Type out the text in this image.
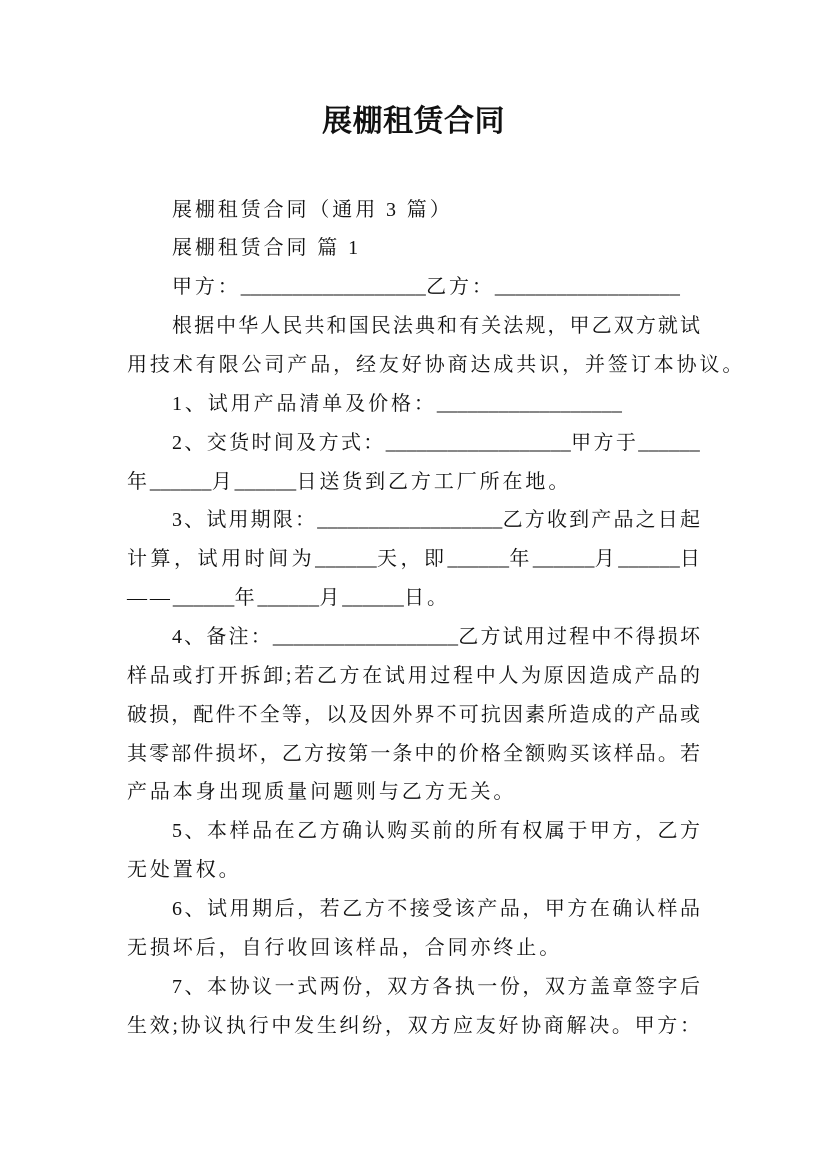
展棚租赁合同
展棚租赁合同（通用 3 篇）
展棚租赁合同 篇 1
甲方：__________________乙方：__________________
根据中华人民共和国民法典和有关法规，甲乙双方就试
用技术有限公司产品，经友好协商达成共识，并签订本协议。
1、试用产品清单及价格：__________________
2、交货时间及方式：__________________甲方于______
年______月______日送货到乙方工厂所在地。
3、试用期限：__________________乙方收到产品之日起
计算，试用时间为______天，即______年______月______日
——______年______月______日。
4、备注：__________________乙方试用过程中不得损坏
样品或打开拆卸;若乙方在试用过程中人为原因造成产品的
破损，配件不全等，以及因外界不可抗因素所造成的产品或
其零部件损坏，乙方按第一条中的价格全额购买该样品。若
产品本身出现质量问题则与乙方无关。
5、本样品在乙方确认购买前的所有权属于甲方，乙方
无处置权。
6、试用期后，若乙方不接受该产品，甲方在确认样品
无损坏后，自行收回该样品，合同亦终止。
7、本协议一式两份，双方各执一份，双方盖章签字后
生效;协议执行中发生纠纷，双方应友好协商解决。甲方：
